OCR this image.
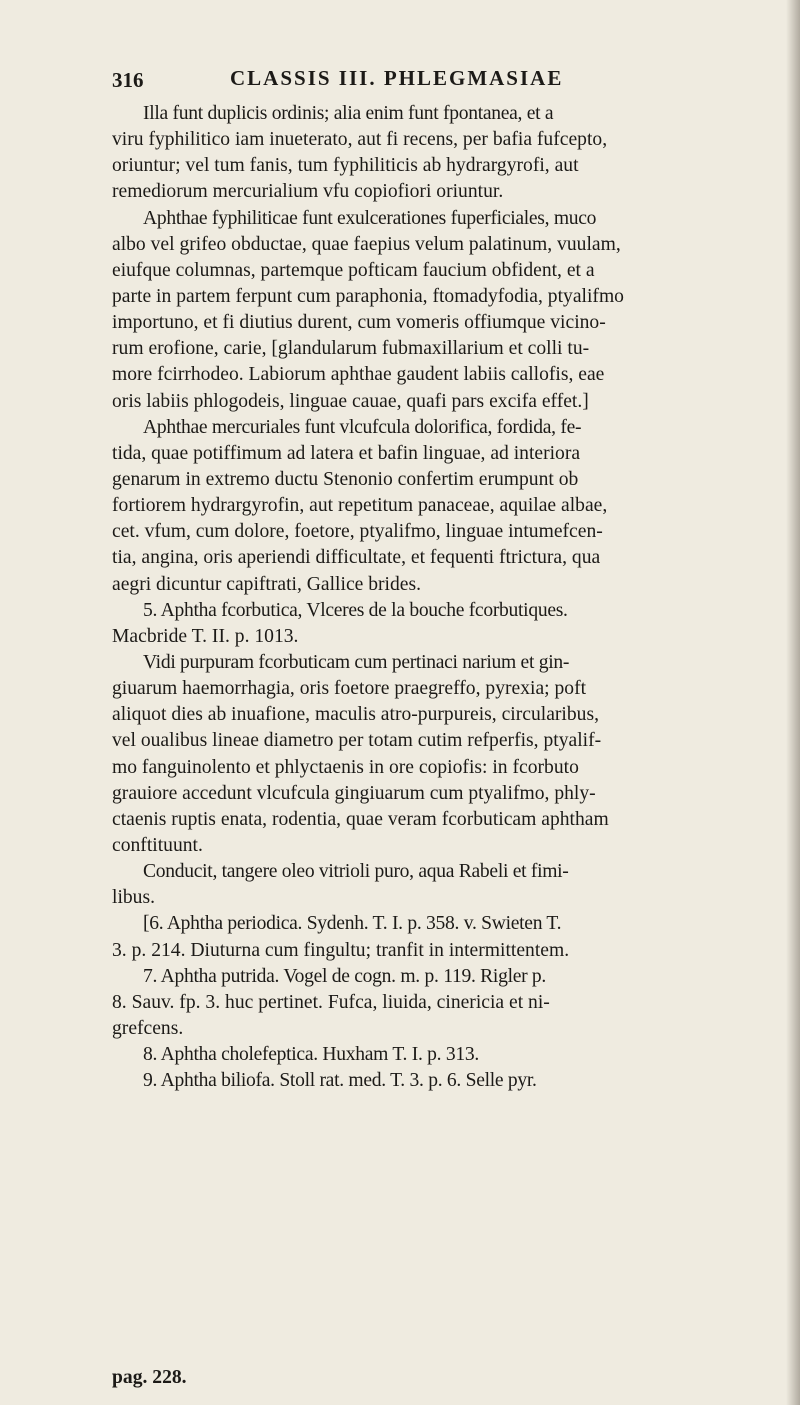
316	CLASSIS III. PHLEGMASIAE
Illa funt duplicis ordinis; alia enim funt fpontanea, et a
viru fyphilitico iam inueterato, aut fi recens, per bafia fufcepto,
oriuntur; vel tum fanis, tum fyphiliticis ab hydrargyrofi, aut
remediorum mercurialium vfu copiofiori oriuntur.
Aphthae fyphiliticae funt exulcerationes fuperficiales, muco
albo vel grifeo obductae, quae faepius velum palatinum, vuulam,
eiufque columnas, partemque pofticam faucium obfident, et a
parte in partem ferpunt cum paraphonia, ftomadyfodia, ptyalifmo
importuno, et fi diutius durent, cum vomeris offiumque vicino-
rum erofione, carie, [glandularum fubmaxillarium et colli tu-
more fcirrhodeo. Labiorum aphthae gaudent labiis callofis, eae
oris labiis phlogodeis, linguae cauae, quafi pars excifa effet.]
Aphthae mercuriales funt vlcufcula dolorifica, fordida, fe-
tida, quae potiffimum ad latera et bafin linguae, ad interiora
genarum in extremo ductu Stenonio confertim erumpunt ob
fortiorem hydrargyrofin, aut repetitum panaceae, aquilae albae,
cet. vfum, cum dolore, foetore, ptyalifmo, linguae intumefcen-
tia, angina, oris aperiendi difficultate, et fequenti ftrictura, qua
aegri dicuntur capiftrati, Gallice brides.
5. Aphtha fcorbutica, Vlceres de la bouche fcorbutiques.
Macbride T. II. p. 1013.
Vidi purpuram fcorbuticam cum pertinaci narium et gin-
giuarum haemorrhagia, oris foetore praegreffo, pyrexia; poft
aliquot dies ab inuafione, maculis atro-purpureis, circularibus,
vel oualibus lineae diametro per totam cutim refperfis, ptyalif-
mo fanguinolento et phlyctaenis in ore copiofis: in fcorbuto
grauiore accedunt vlcufcula gingiuarum cum ptyalifmo, phly-
ctaenis ruptis enata, rodentia, quae veram fcorbuticam aphtham
conftituunt.
Conducit, tangere oleo vitrioli puro, aqua Rabeli et fimi-
libus.
[6. Aphtha periodica. Sydenh. T. I. p. 358. v. Swieten T.
3. p. 214. Diuturna cum fingultu; tranfit in intermittentem.
7. Aphtha putrida. Vogel de cogn. m. p. 119. Rigler p.
8. Sauv. fp. 3. huc pertinet. Fufca, liuida, cinericia et ni-
grefcens.
8. Aphtha cholefeptica. Huxham T. I. p. 313.
9. Aphtha biliofa. Stoll rat. med. T. 3. p. 6. Selle pyr.
pag. 228.
